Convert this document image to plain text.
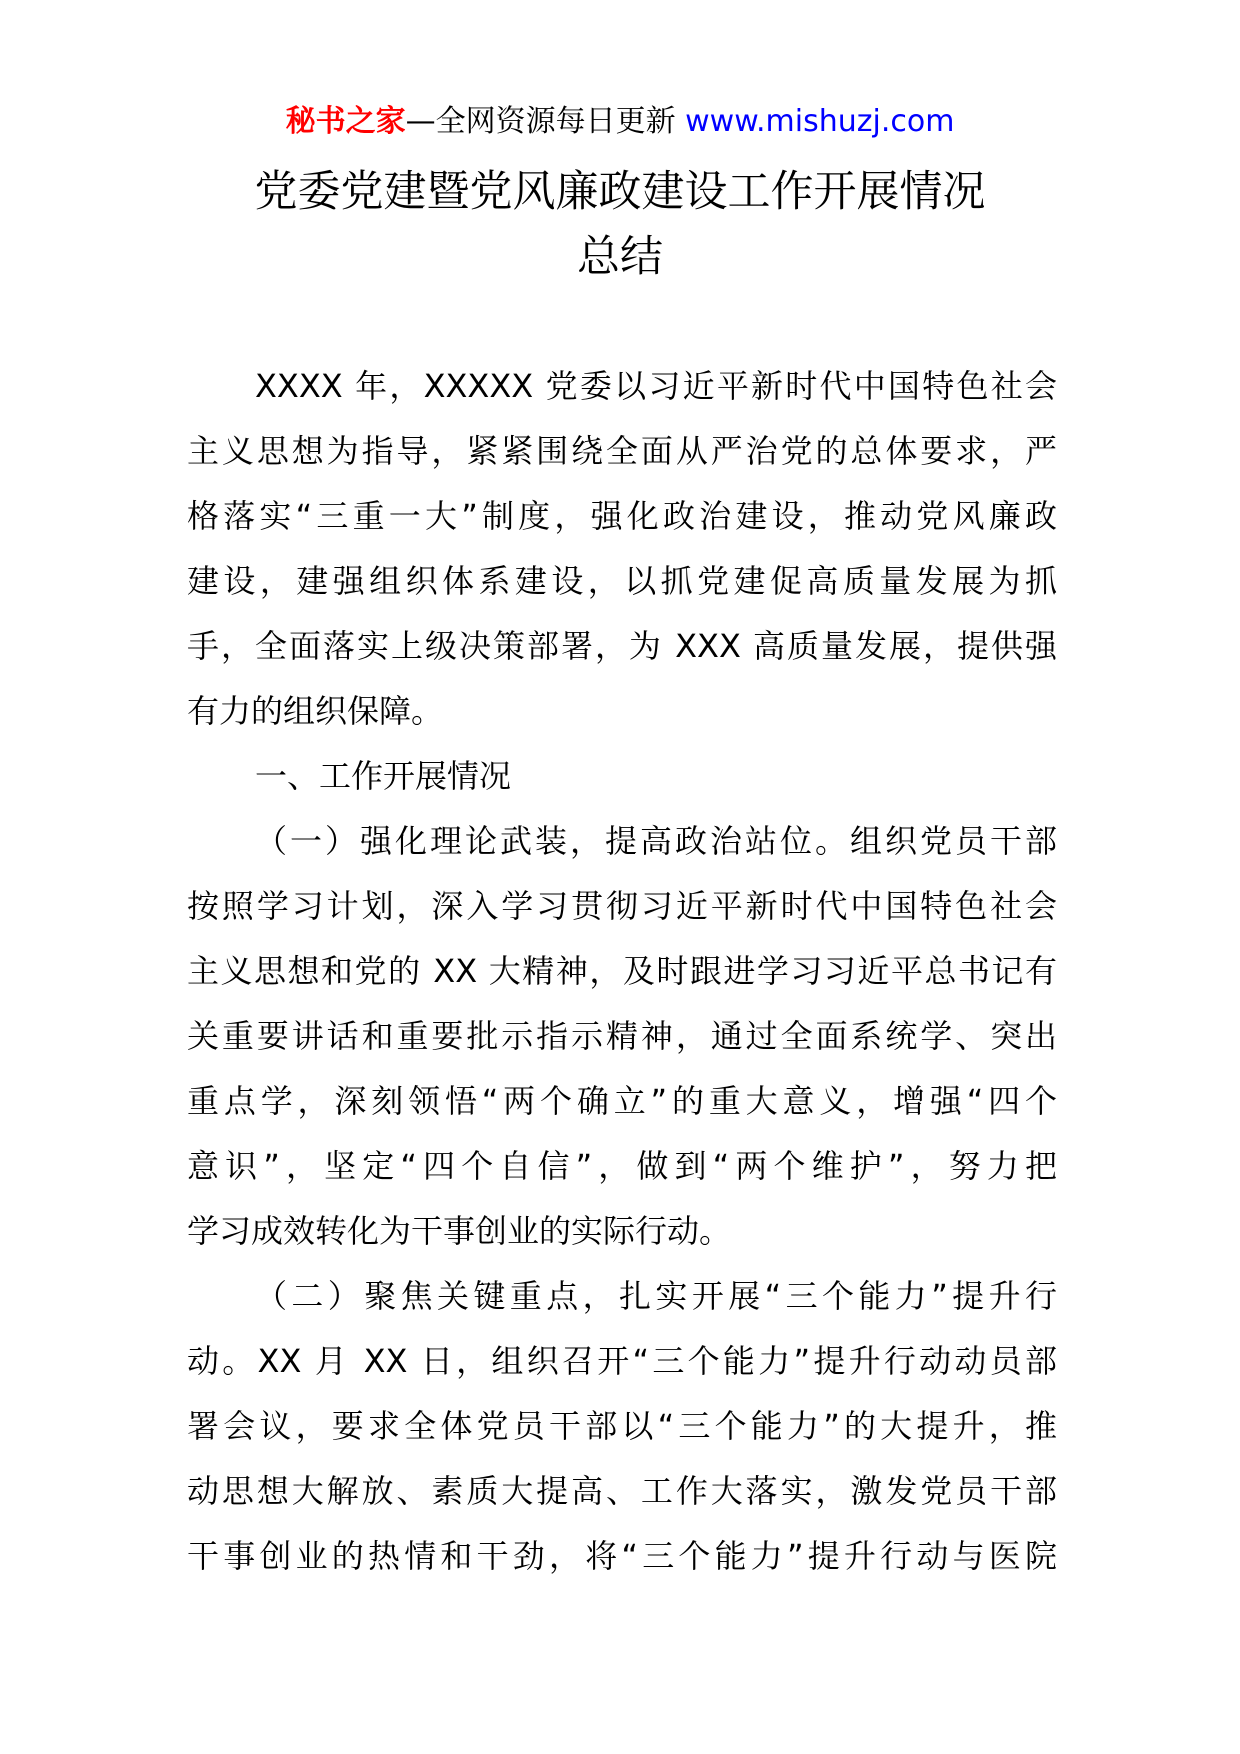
秘书之家—全网资源每日更新 www.mishuzj.com
党委党建暨党风廉政建设工作开展情况
总结
XXXX 年，XXXXX 党委以习近平新时代中国特色社会
主义思想为指导，紧紧围绕全面从严治党的总体要求，严
格落实“三重一大”制度，强化政治建设，推动党风廉政
建设，建强组织体系建设，以抓党建促高质量发展为抓
手，全面落实上级决策部署，为 XXX 高质量发展，提供强
有力的组织保障。
一、工作开展情况
（一）强化理论武装，提高政治站位。组织党员干部
按照学习计划，深入学习贯彻习近平新时代中国特色社会
主义思想和党的 XX 大精神，及时跟进学习习近平总书记有
关重要讲话和重要批示指示精神，通过全面系统学、突出
重点学，深刻领悟“两个确立”的重大意义，增强“四个
意识”，坚定“四个自信”，做到“两个维护”，努力把
学习成效转化为干事创业的实际行动。
（二）聚焦关键重点，扎实开展“三个能力”提升行
动。XX 月 XX 日，组织召开“三个能力”提升行动动员部
署会议，要求全体党员干部以“三个能力”的大提升，推
动思想大解放、素质大提高、工作大落实，激发党员干部
干事创业的热情和干劲，将“三个能力”提升行动与医院
